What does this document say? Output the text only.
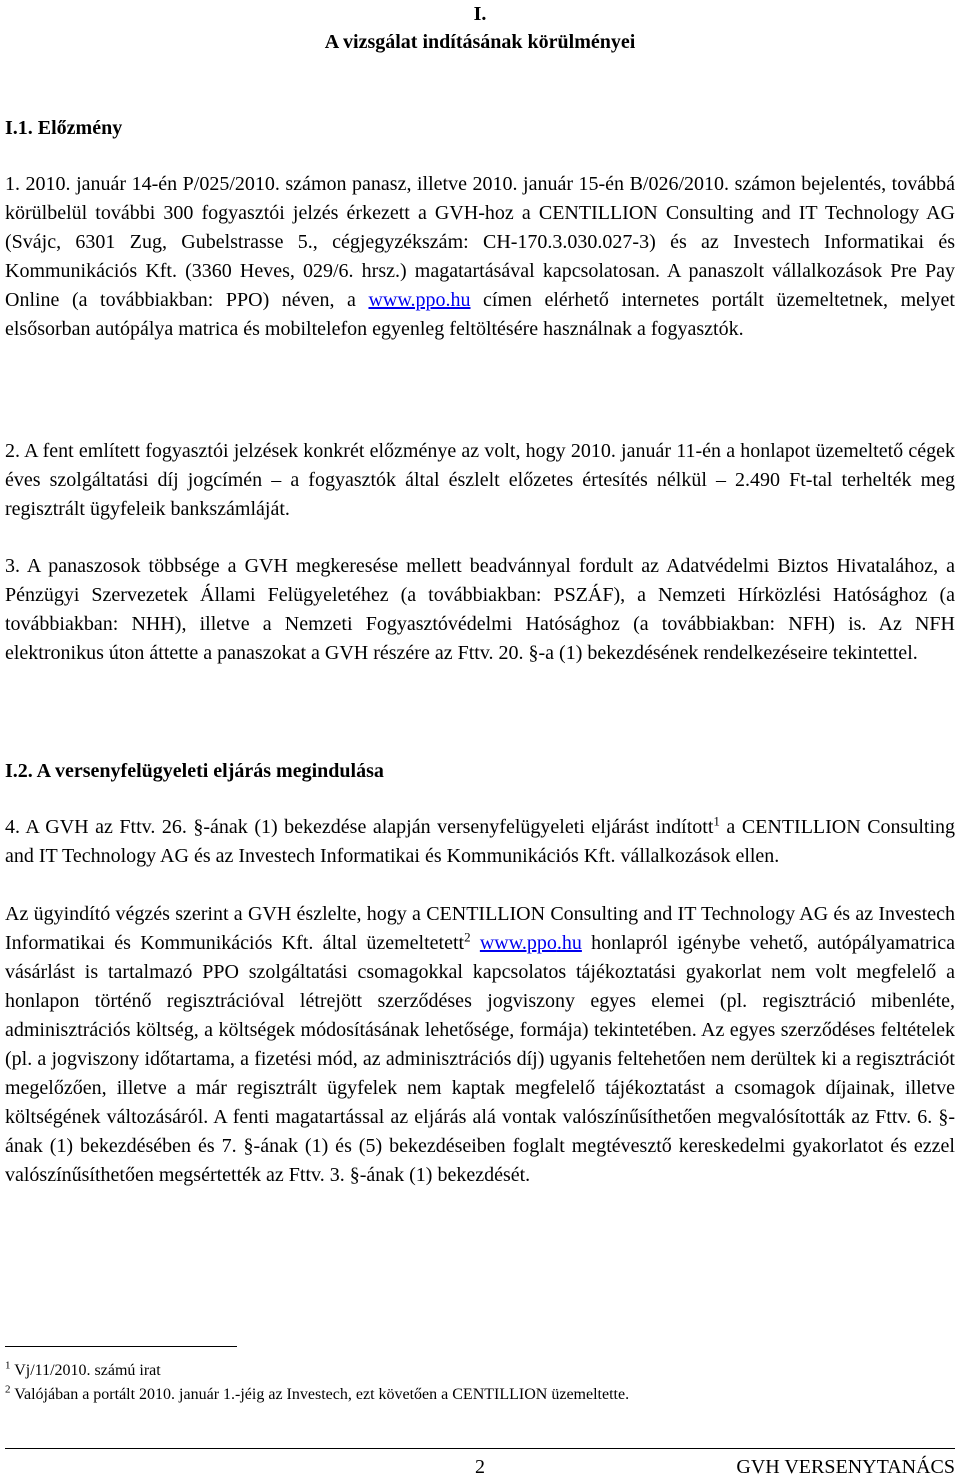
I.
A vizsgálat indításának körülményei
I.1. Előzmény
1. 2010. január 14-én P/025/2010. számon panasz, illetve 2010. január 15-én B/026/2010. számon bejelentés, továbbá körülbelül további 300 fogyasztói jelzés érkezett a GVH-hoz a CENTILLION Consulting and IT Technology AG (Svájc, 6301 Zug, Gubelstrasse 5., cégjegyzékszám: CH-170.3.030.027-3) és az Investech Informatikai és Kommunikációs Kft. (3360 Heves, 029/6. hrsz.) magatartásával kapcsolatosan. A panaszolt vállalkozások Pre Pay Online (a továbbiakban: PPO) néven, a www.ppo.hu címen elérhető internetes portált üzemeltetnek, melyet elsősorban autópálya matrica és mobiltelefon egyenleg feltöltésére használnak a fogyasztók.
2. A fent említett fogyasztói jelzések konkrét előzménye az volt, hogy 2010. január 11-én a honlapot üzemeltető cégek éves szolgáltatási díj jogcímén – a fogyasztók által észlelt előzetes értesítés nélkül – 2.490 Ft-tal terhelték meg regisztrált ügyfeleik bankszámláját.
3. A panaszosok többsége a GVH megkeresése mellett beadvánnyal fordult az Adatvédelmi Biztos Hivatalához, a Pénzügyi Szervezetek Állami Felügyeletéhez (a továbbiakban: PSZÁF), a Nemzeti Hírközlési Hatósághoz (a továbbiakban: NHH), illetve a Nemzeti Fogyasztóvédelmi Hatósághoz (a továbbiakban: NFH) is. Az NFH elektronikus úton áttette a panaszokat a GVH részére az Fttv. 20. §-a (1) bekezdésének rendelkezéseire tekintettel.
I.2. A versenyfelügyeleti eljárás megindulása
4. A GVH az Fttv. 26. §-ának (1) bekezdése alapján versenyfelügyeleti eljárást indított$^1$ a CENTILLION Consulting and IT Technology AG és az Investech Informatikai és Kommunikációs Kft. vállalkozások ellen.
Az ügyindító végzés szerint a GVH észlelte, hogy a CENTILLION Consulting and IT Technology AG és az Investech Informatikai és Kommunikációs Kft. által üzemeltetett$^2$ www.ppo.hu honlapról igénybe vehető, autópályamatrica vásárlást is tartalmazó PPO szolgáltatási csomagokkal kapcsolatos tájékoztatási gyakorlat nem volt megfelelő a honlapon történő regisztrációval létrejött szerződéses jogviszony egyes elemei (pl. regisztráció mibenléte, adminisztrációs költség, a költségek módosításának lehetősége, formája) tekintetében. Az egyes szerződéses feltételek (pl. a jogviszony időtartama, a fizetési mód, az adminisztrációs díj) ugyanis feltehetően nem derültek ki a regisztrációt megelőzően, illetve a már regisztrált ügyfelek nem kaptak megfelelő tájékoztatást a csomagok díjainak, illetve költségének változásáról. A fenti magatartással az eljárás alá vontak valószínűsíthetően megvalósították az Fttv. 6. §-ának (1) bekezdésében és 7. §-ának (1) és (5) bekezdéseiben foglalt megtévesztő kereskedelmi gyakorlatot és ezzel valószínűsíthetően megsértették az Fttv. 3. §-ának (1) bekezdését.
$^1$ Vj/11/2010. számú irat
$^2$ Valójában a portált 2010. január 1.-jéig az Investech, ezt követően a CENTILLION üzemeltette.
2	GVH VERSENYTANÁCS
